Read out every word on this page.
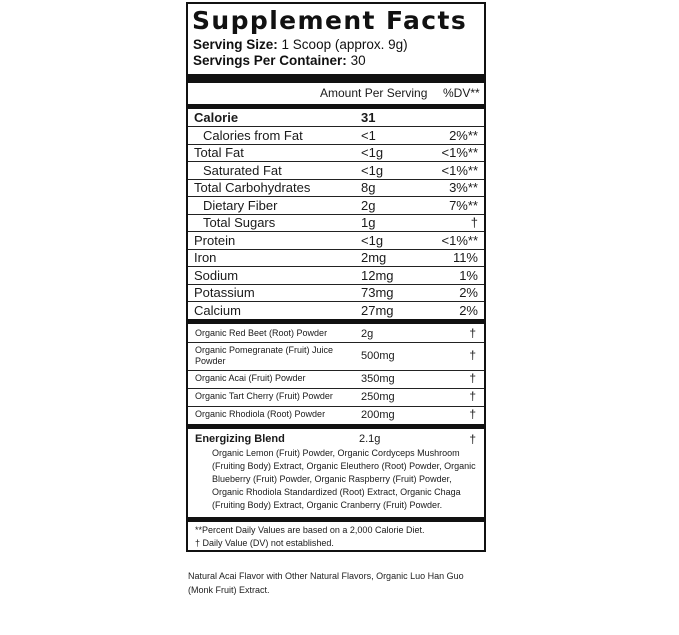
Supplement Facts
Serving Size: 1 Scoop (approx. 9g)
Servings Per Container: 30
Amount Per Serving %DV**
Calorie	31
Calories from Fat	<1	2%**
Total Fat	<1g	<1%**
Saturated Fat	<1g	<1%**
Total Carbohydrates	8g	3%**
Dietary Fiber	2g	7%**
Total Sugars	1g	†
Protein	<1g	<1%**
Iron	2mg	11%
Sodium	12mg	1%
Potassium	73mg	2%
Calcium	27mg	2%
Organic Red Beet (Root) Powder	2g	†
Organic Pomegranate (Fruit) Juice Powder	500mg	†
Organic Acai (Fruit) Powder	350mg	†
Organic Tart Cherry (Fruit) Powder	250mg	†
Organic Rhodiola (Root) Powder	200mg	†
Energizing Blend	2.1g	†
Organic Lemon (Fruit) Powder, Organic Cordyceps Mushroom (Fruiting Body) Extract, Organic Eleuthero (Root) Powder, Organic Blueberry (Fruit) Powder, Organic Raspberry (Fruit) Powder, Organic Rhodiola Standardized (Root) Extract, Organic Chaga (Fruiting Body) Extract, Organic Cranberry (Fruit) Powder.
**Percent Daily Values are based on a 2,000 Calorie Diet.
† Daily Value (DV) not established.
Natural Acai Flavor with Other Natural Flavors, Organic Luo Han Guo (Monk Fruit) Extract.
